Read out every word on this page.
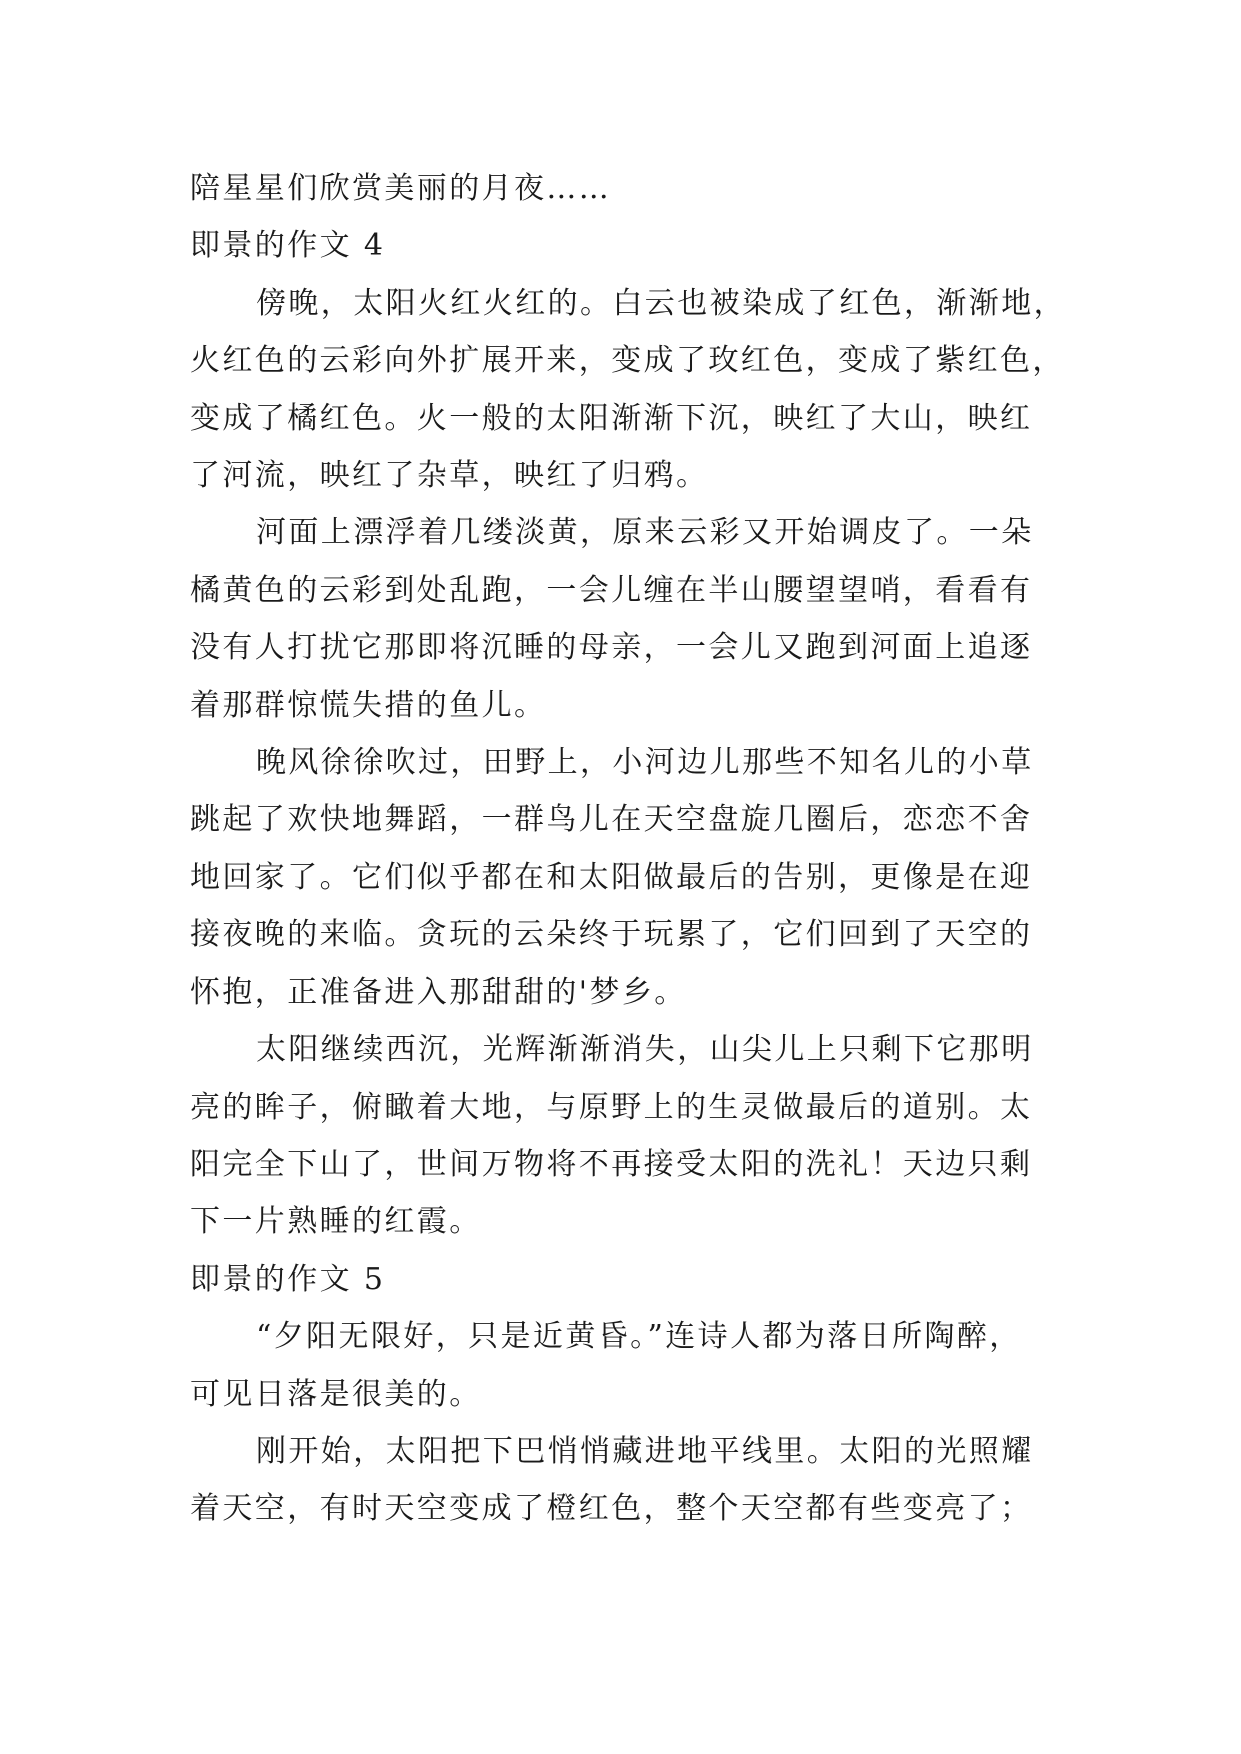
陪星星们欣赏美丽的月夜……
即景的作文 4
傍晚，太阳火红火红的。白云也被染成了红色，渐渐地，
火红色的云彩向外扩展开来，变成了玫红色，变成了紫红色，
变成了橘红色。火一般的太阳渐渐下沉，映红了大山，映红
了河流，映红了杂草，映红了归鸦。
河面上漂浮着几缕淡黄，原来云彩又开始调皮了。一朵
橘黄色的云彩到处乱跑，一会儿缠在半山腰望望哨，看看有
没有人打扰它那即将沉睡的母亲，一会儿又跑到河面上追逐
着那群惊慌失措的鱼儿。
晚风徐徐吹过，田野上，小河边儿那些不知名儿的小草
跳起了欢快地舞蹈，一群鸟儿在天空盘旋几圈后，恋恋不舍
地回家了。它们似乎都在和太阳做最后的告别，更像是在迎
接夜晚的来临。贪玩的云朵终于玩累了，它们回到了天空的
怀抱，正准备进入那甜甜的'梦乡。
太阳继续西沉，光辉渐渐消失，山尖儿上只剩下它那明
亮的眸子，俯瞰着大地，与原野上的生灵做最后的道别。太
阳完全下山了，世间万物将不再接受太阳的洗礼！天边只剩
下一片熟睡的红霞。
即景的作文 5
“夕阳无限好，只是近黄昏。”连诗人都为落日所陶醉，
可见日落是很美的。
刚开始，太阳把下巴悄悄藏进地平线里。太阳的光照耀
着天空，有时天空变成了橙红色，整个天空都有些变亮了；
